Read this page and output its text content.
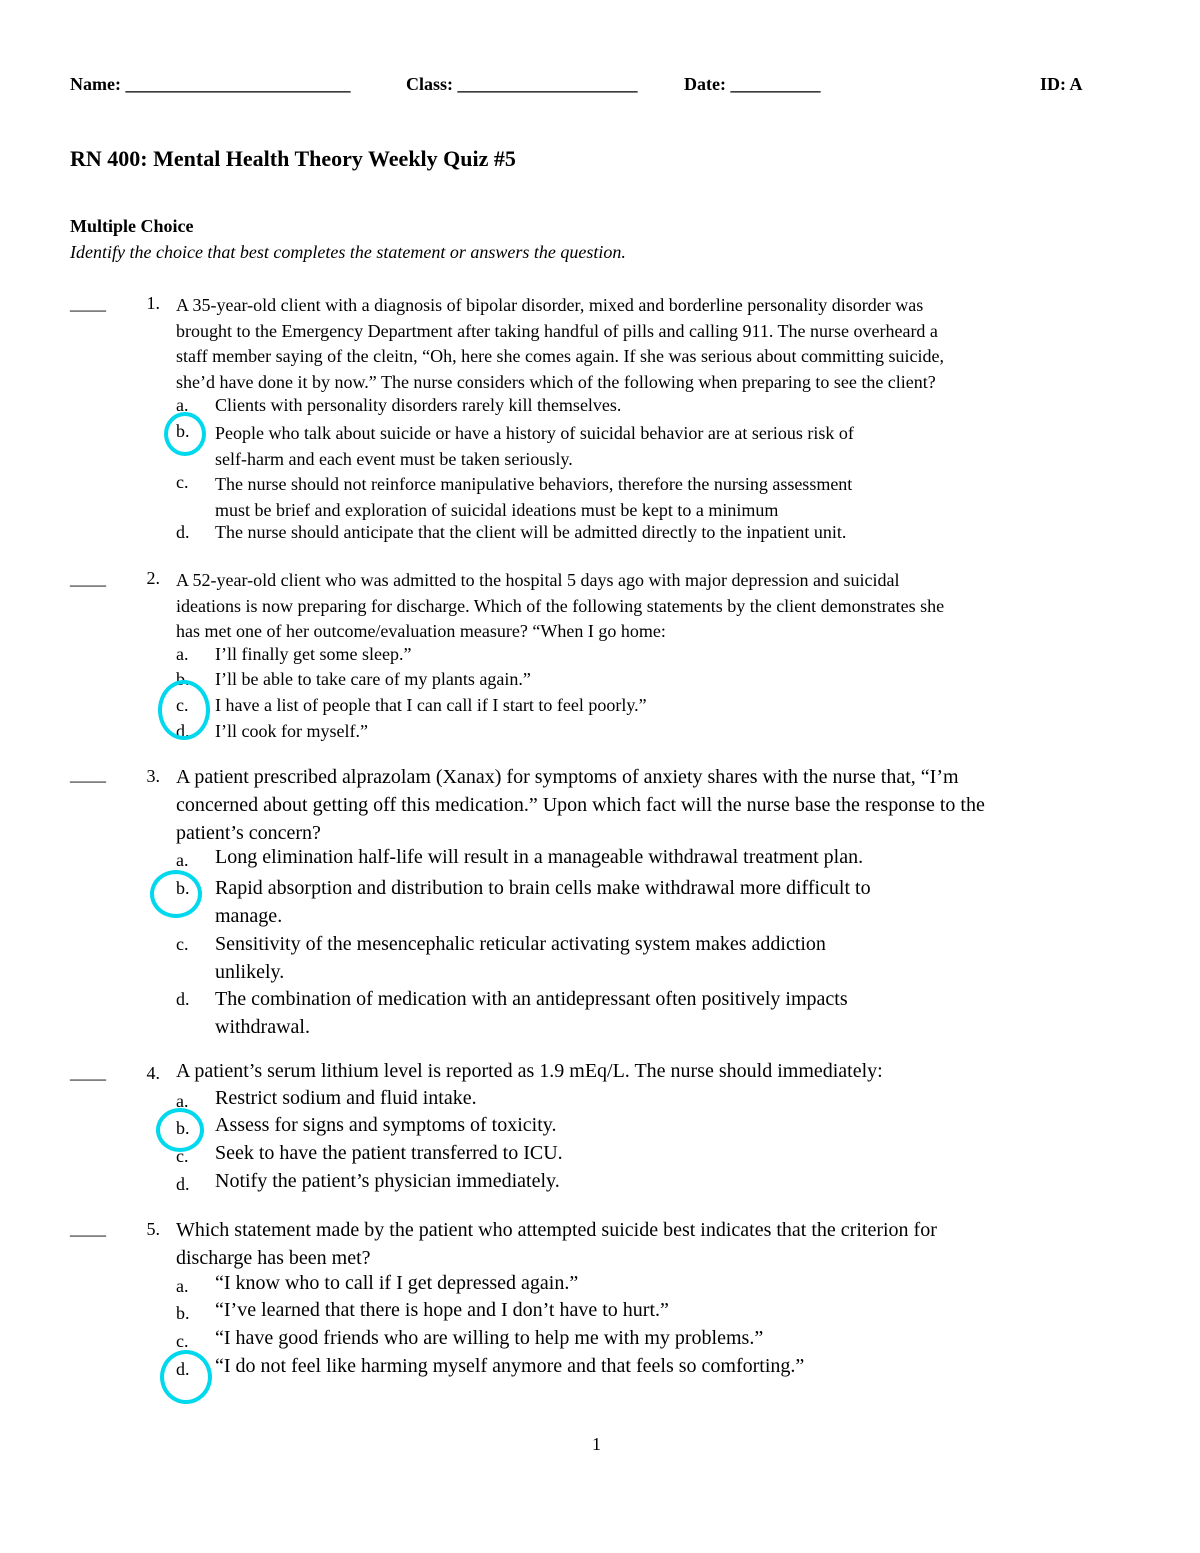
Name: _________________________	Class: ____________________	Date: __________	ID: A
RN 400: Mental Health Theory Weekly Quiz #5
Multiple Choice
Identify the choice that best completes the statement or answers the question.
____	1. A 35-year-old client with a diagnosis of bipolar disorder, mixed and borderline personality disorder was
brought to the Emergency Department after taking handful of pills and calling 911. The nurse overheard a
staff member saying of the cleitn, “Oh, here she comes again. If she was serious about committing suicide,
she’d have done it by now.” The nurse considers which of the following when preparing to see the client?
a.	Clients with personality disorders rarely kill themselves.
b.	People who talk about suicide or have a history of suicidal behavior are at serious risk of
self-harm and each event must be taken seriously.
c.	The nurse should not reinforce manipulative behaviors, therefore the nursing assessment
must be brief and exploration of suicidal ideations must be kept to a minimum
d.	The nurse should anticipate that the client will be admitted directly to the inpatient unit.
____	2. A 52-year-old client who was admitted to the hospital 5 days ago with major depression and suicidal
ideations is now preparing for discharge. Which of the following statements by the client demonstrates she
has met one of her outcome/evaluation measure? “When I go home:
a.	I’ll finally get some sleep.”
b.	I’ll be able to take care of my plants again.”
c.	I have a list of people that I can call if I start to feel poorly.”
d.	I’ll cook for myself.”
____	3. A patient prescribed alprazolam (Xanax) for symptoms of anxiety shares with the nurse that, “I’m
concerned about getting off this medication.” Upon which fact will the nurse base the response to the
patient’s concern?
a.	Long elimination half-life will result in a manageable withdrawal treatment plan.
b.	Rapid absorption and distribution to brain cells make withdrawal more difficult to
manage.
c.	Sensitivity of the mesencephalic reticular activating system makes addiction
unlikely.
d.	The combination of medication with an antidepressant often positively impacts
withdrawal.
____	4. A patient’s serum lithium level is reported as 1.9 mEq/L. The nurse should immediately:
a.	Restrict sodium and fluid intake.
b.	Assess for signs and symptoms of toxicity.
c.	Seek to have the patient transferred to ICU.
d.	Notify the patient’s physician immediately.
____	5. Which statement made by the patient who attempted suicide best indicates that the criterion for
discharge has been met?
a.	“I know who to call if I get depressed again.”
b.	“I’ve learned that there is hope and I don’t have to hurt.”
c.	“I have good friends who are willing to help me with my problems.”
d.	“I do not feel like harming myself anymore and that feels so comforting.”
1
